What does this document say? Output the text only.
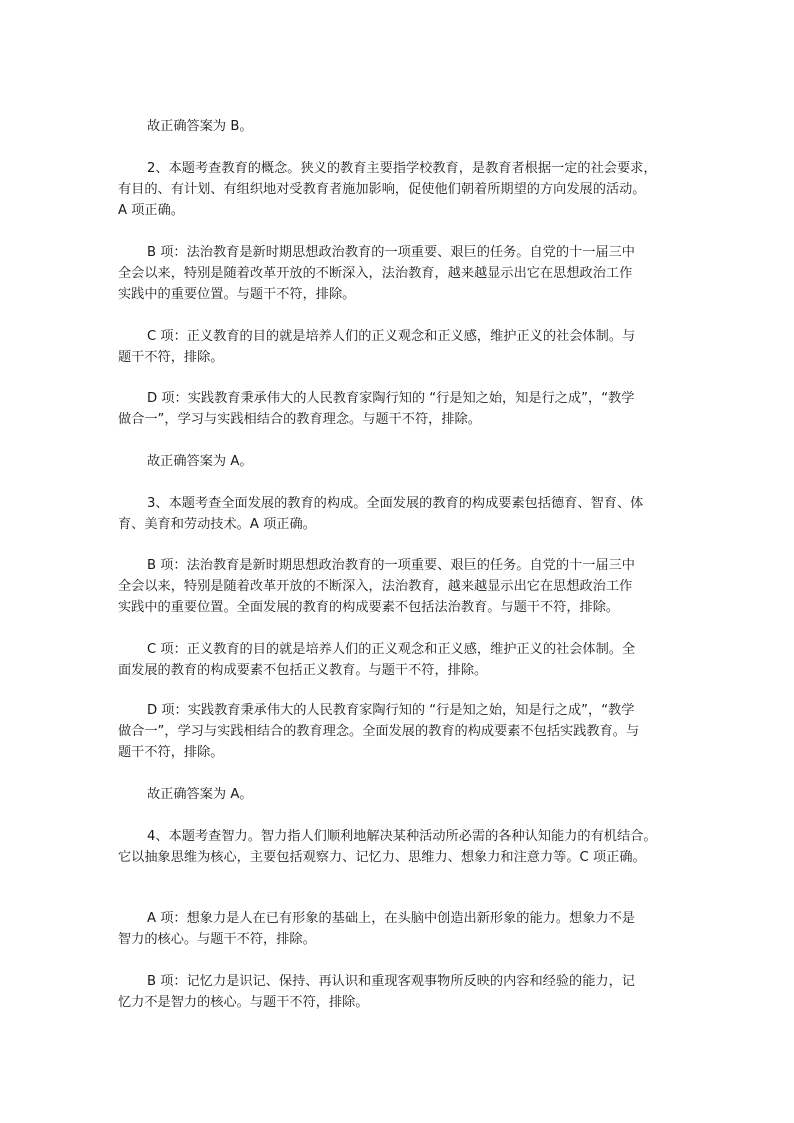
故正确答案为 B。
2、本题考查教育的概念。狭义的教育主要指学校教育，是教育者根据一定的社会要求，
有目的、有计划、有组织地对受教育者施加影响，促使他们朝着所期望的方向发展的活动。
A 项正确。
B 项：法治教育是新时期思想政治教育的一项重要、艰巨的任务。自党的十一届三中
全会以来，特别是随着改革开放的不断深入，法治教育，越来越显示出它在思想政治工作
实践中的重要位置。与题干不符，排除。
C 项：正义教育的目的就是培养人们的正义观念和正义感，维护正义的社会体制。与
题干不符，排除。
D 项：实践教育秉承伟大的人民教育家陶行知的 “行是知之始，知是行之成”，“教学
做合一”，学习与实践相结合的教育理念。与题干不符，排除。
故正确答案为 A。
3、本题考查全面发展的教育的构成。全面发展的教育的构成要素包括德育、智育、体
育、美育和劳动技术。A 项正确。
B 项：法治教育是新时期思想政治教育的一项重要、艰巨的任务。自党的十一届三中
全会以来，特别是随着改革开放的不断深入，法治教育，越来越显示出它在思想政治工作
实践中的重要位置。全面发展的教育的构成要素不包括法治教育。与题干不符，排除。
C 项：正义教育的目的就是培养人们的正义观念和正义感，维护正义的社会体制。全
面发展的教育的构成要素不包括正义教育。与题干不符，排除。
D 项：实践教育秉承伟大的人民教育家陶行知的 “行是知之始，知是行之成”，“教学
做合一”，学习与实践相结合的教育理念。全面发展的教育的构成要素不包括实践教育。与
题干不符，排除。
故正确答案为 A。
4、本题考查智力。智力指人们顺利地解决某种活动所必需的各种认知能力的有机结合。
它以抽象思维为核心，主要包括观察力、记忆力、思维力、想象力和注意力等。C 项正确。
A 项：想象力是人在已有形象的基础上，在头脑中创造出新形象的能力。想象力不是
智力的核心。与题干不符，排除。
B 项：记忆力是识记、保持、再认识和重现客观事物所反映的内容和经验的能力，记
忆力不是智力的核心。与题干不符，排除。
